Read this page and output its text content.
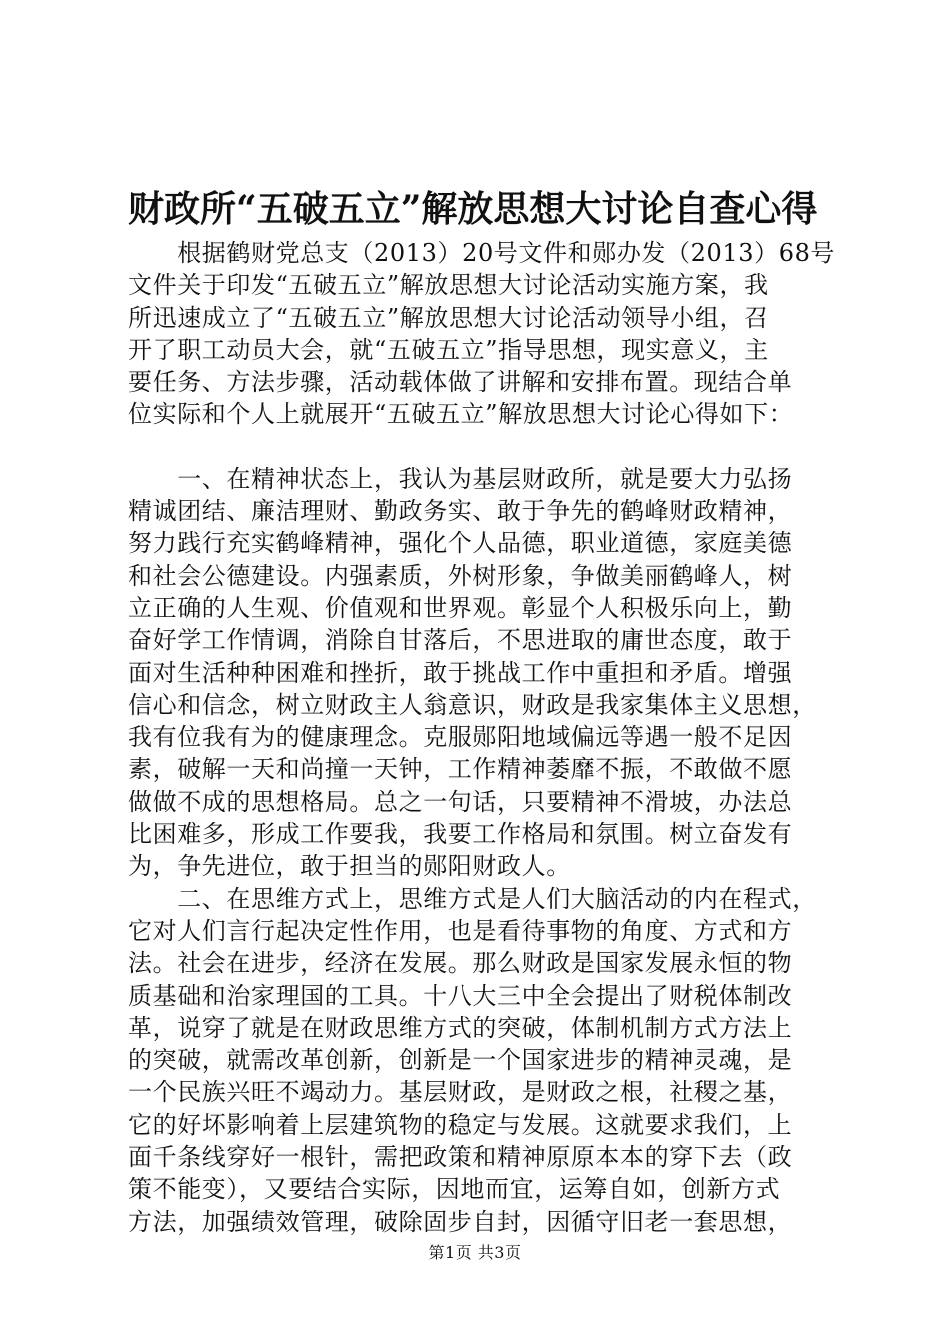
财政所“五破五立”解放思想大讨论自查心得

　　根据鹤财党总支（2013）20号文件和郧办发（2013）68号
文件关于印发“五破五立”解放思想大讨论活动实施方案，我
所迅速成立了“五破五立”解放思想大讨论活动领导小组，召
开了职工动员大会，就“五破五立”指导思想，现实意义，主
要任务、方法步骤，活动载体做了讲解和安排布置。现结合单
位实际和个人上就展开“五破五立”解放思想大讨论心得如下：

　　一、在精神状态上，我认为基层财政所，就是要大力弘扬
精诚团结、廉洁理财、勤政务实、敢于争先的鹤峰财政精神，
努力践行充实鹤峰精神，强化个人品德，职业道德，家庭美德
和社会公德建设。内强素质，外树形象，争做美丽鹤峰人，树
立正确的人生观、价值观和世界观。彰显个人积极乐向上，勤
奋好学工作情调，消除自甘落后，不思进取的庸世态度，敢于
面对生活种种困难和挫折，敢于挑战工作中重担和矛盾。增强
信心和信念，树立财政主人翁意识，财政是我家集体主义思想，
我有位我有为的健康理念。克服郧阳地域偏远等遇一般不足因
素，破解一天和尚撞一天钟，工作精神萎靡不振，不敢做不愿
做做不成的思想格局。总之一句话，只要精神不滑坡，办法总
比困难多，形成工作要我，我要工作格局和氛围。树立奋发有
为，争先进位，敢于担当的郧阳财政人。

　　二、在思维方式上，思维方式是人们大脑活动的内在程式，
它对人们言行起决定性作用，也是看待事物的角度、方式和方
法。社会在进步，经济在发展。那么财政是国家发展永恒的物
质基础和治家理国的工具。十八大三中全会提出了财税体制改
革，说穿了就是在财政思维方式的突破，体制机制方式方法上
的突破，就需改革创新，创新是一个国家进步的精神灵魂，是
一个民族兴旺不竭动力。基层财政，是财政之根，社稷之基，
它的好坏影响着上层建筑物的稳定与发展。这就要求我们，上
面千条线穿好一根针，需把政策和精神原原本本的穿下去（政
策不能变），又要结合实际，因地而宜，运筹自如，创新方式
方法，加强绩效管理，破除固步自封，因循守旧老一套思想，

第1页 共3页
